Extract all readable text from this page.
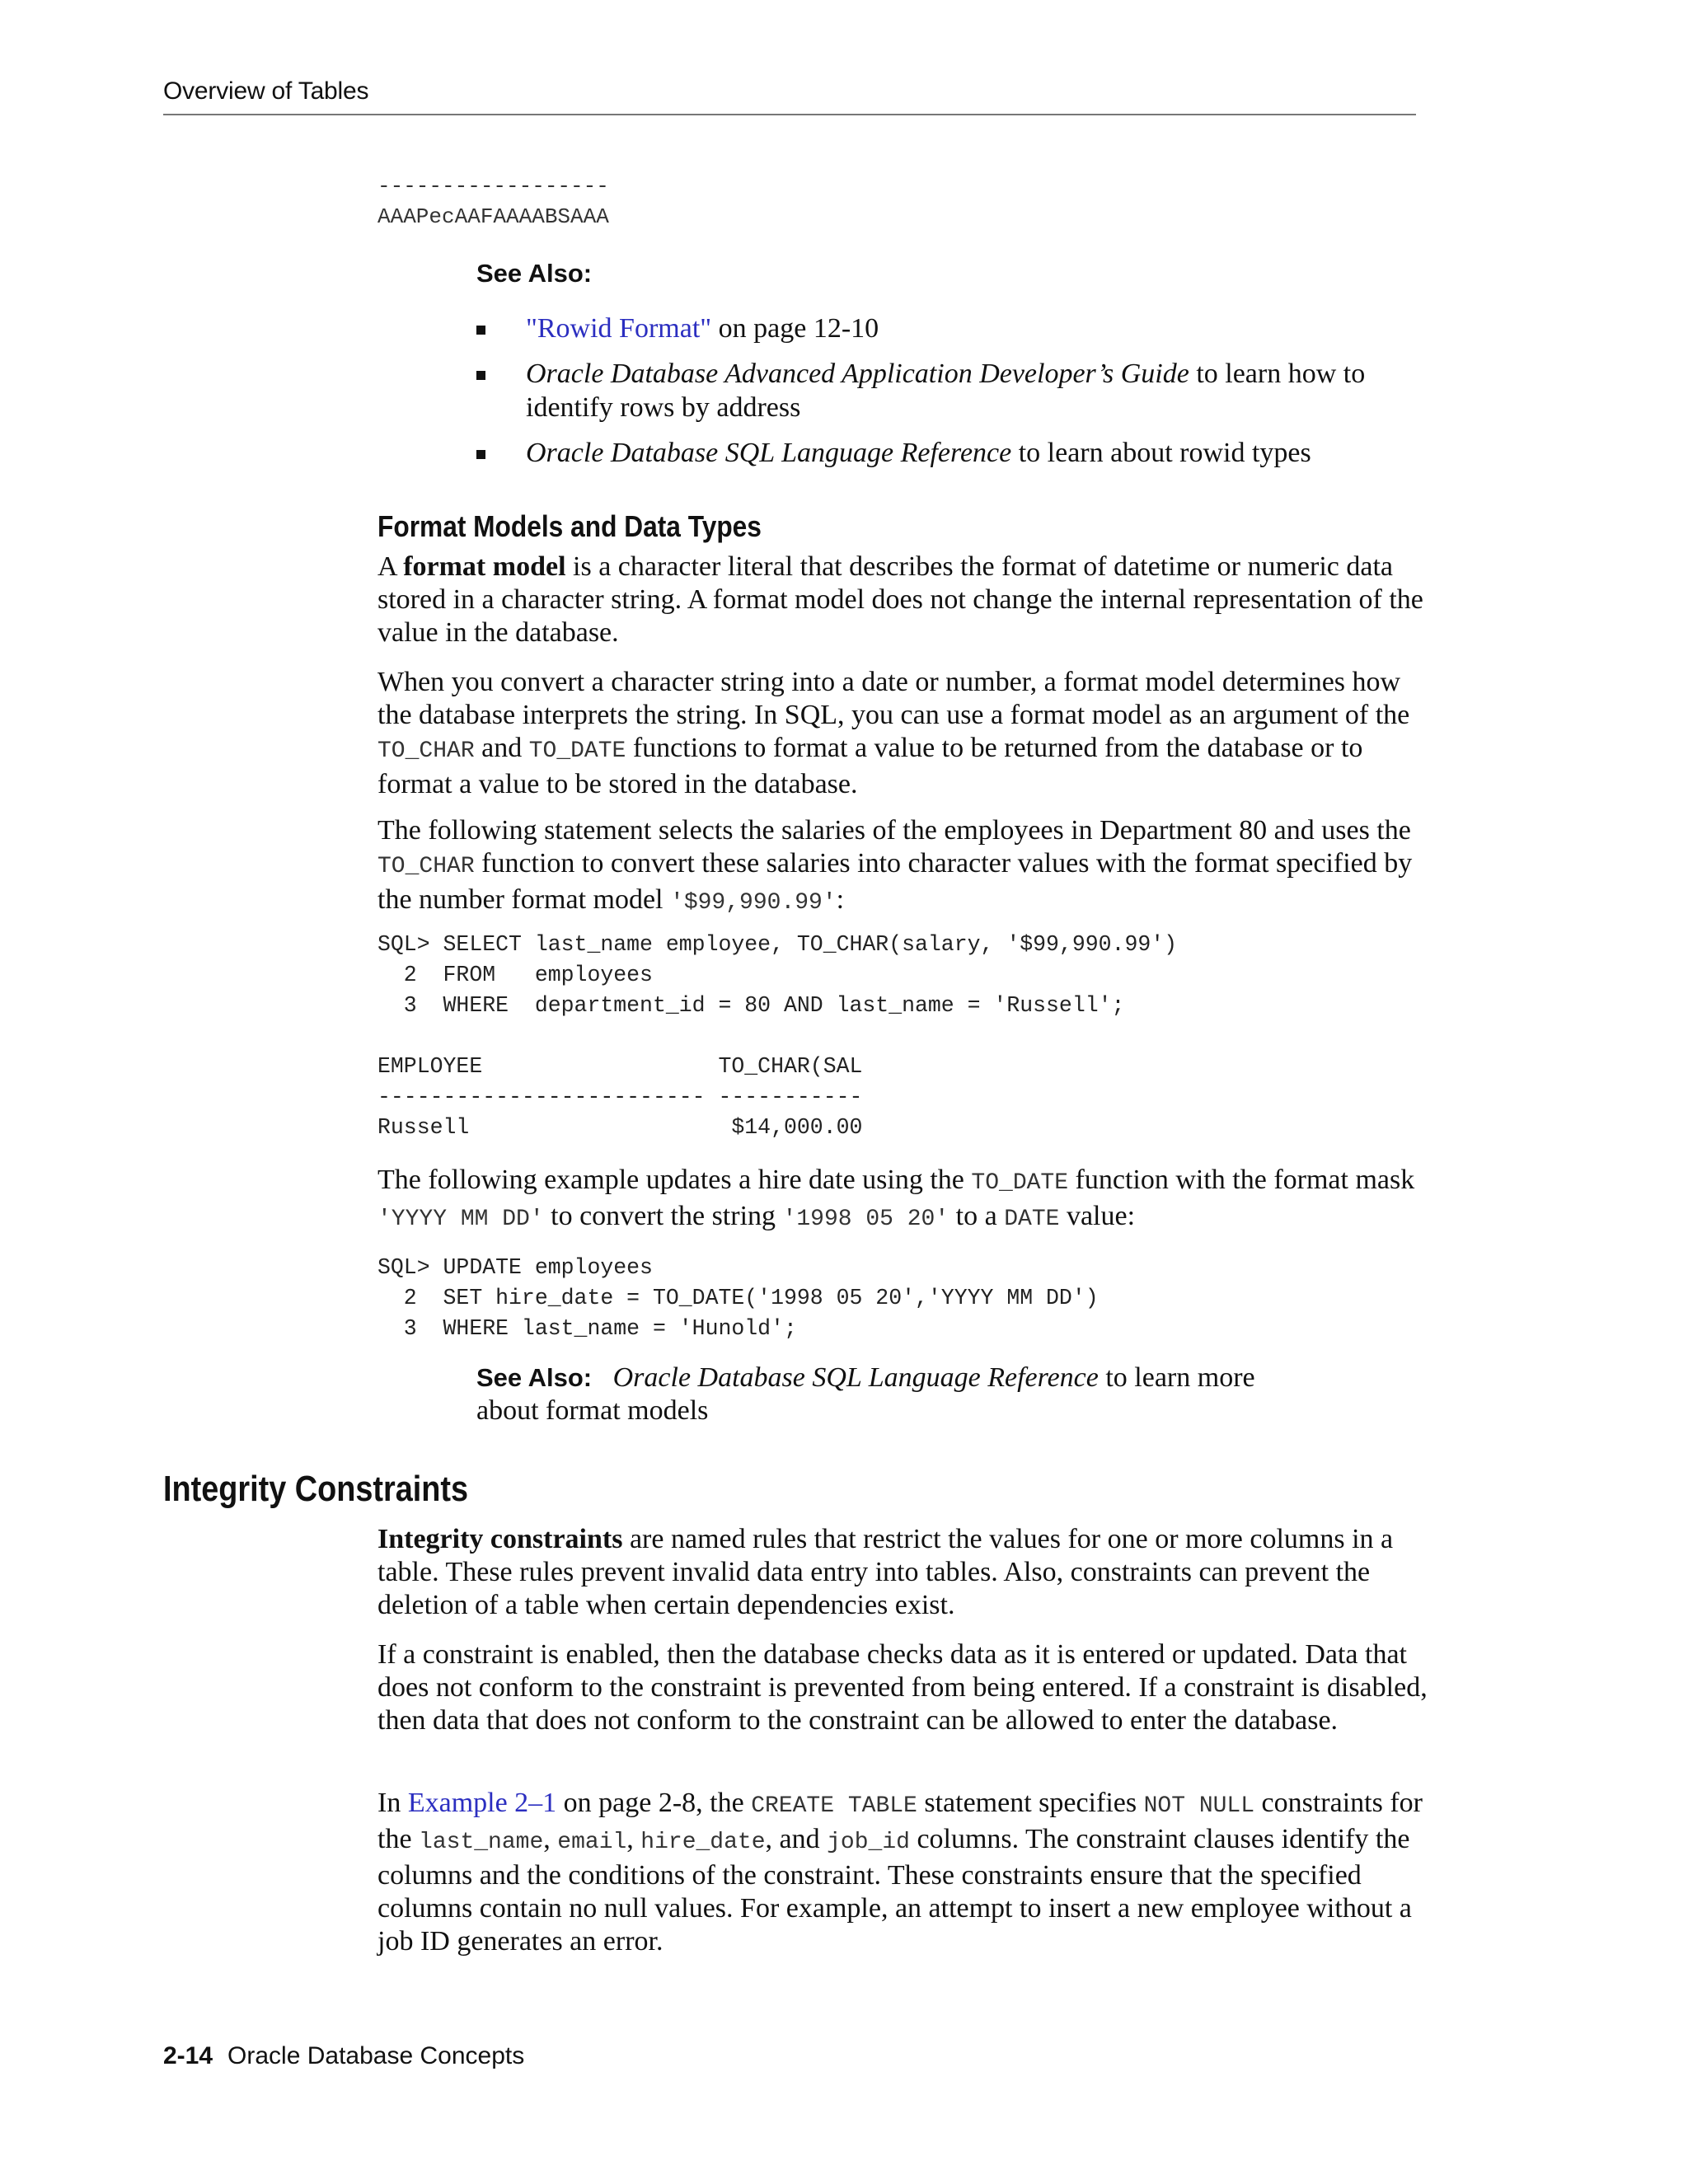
Overview of Tables
------------------
AAAPecAAFAAAABSAAA
See Also:
"Rowid Format" on page 12-10
Oracle Database Advanced Application Developer’s Guide to learn how to identify rows by address
Oracle Database SQL Language Reference to learn about rowid types
Format Models and Data Types
A format model is a character literal that describes the format of datetime or numeric data stored in a character string. A format model does not change the internal representation of the value in the database.
When you convert a character string into a date or number, a format model determines how the database interprets the string. In SQL, you can use a format model as an argument of the TO_CHAR and TO_DATE functions to format a value to be returned from the database or to format a value to be stored in the database.
The following statement selects the salaries of the employees in Department 80 and uses the TO_CHAR function to convert these salaries into character values with the format specified by the number format model '$99,990.99':
SQL> SELECT last_name employee, TO_CHAR(salary, '$99,990.99')
2  FROM   employees
3  WHERE  department_id = 80 AND last_name = 'Russell';

EMPLOYEE                  TO_CHAR(SAL
------------------------- -----------
Russell                    $14,000.00
The following example updates a hire date using the TO_DATE function with the format mask 'YYYY MM DD' to convert the string '1998 05 20' to a DATE value:
SQL> UPDATE employees
2  SET hire_date = TO_DATE('1998 05 20','YYYY MM DD')
3  WHERE last_name = 'Hunold';
See Also: Oracle Database SQL Language Reference to learn more about format models
Integrity Constraints
Integrity constraints are named rules that restrict the values for one or more columns in a table. These rules prevent invalid data entry into tables. Also, constraints can prevent the deletion of a table when certain dependencies exist.
If a constraint is enabled, then the database checks data as it is entered or updated. Data that does not conform to the constraint is prevented from being entered. If a constraint is disabled, then data that does not conform to the constraint can be allowed to enter the database.
In Example 2–1 on page 2-8, the CREATE TABLE statement specifies NOT NULL constraints for the last_name, email, hire_date, and job_id columns. The constraint clauses identify the columns and the conditions of the constraint. These constraints ensure that the specified columns contain no null values. For example, an attempt to insert a new employee without a job ID generates an error.
2-14 Oracle Database Concepts
